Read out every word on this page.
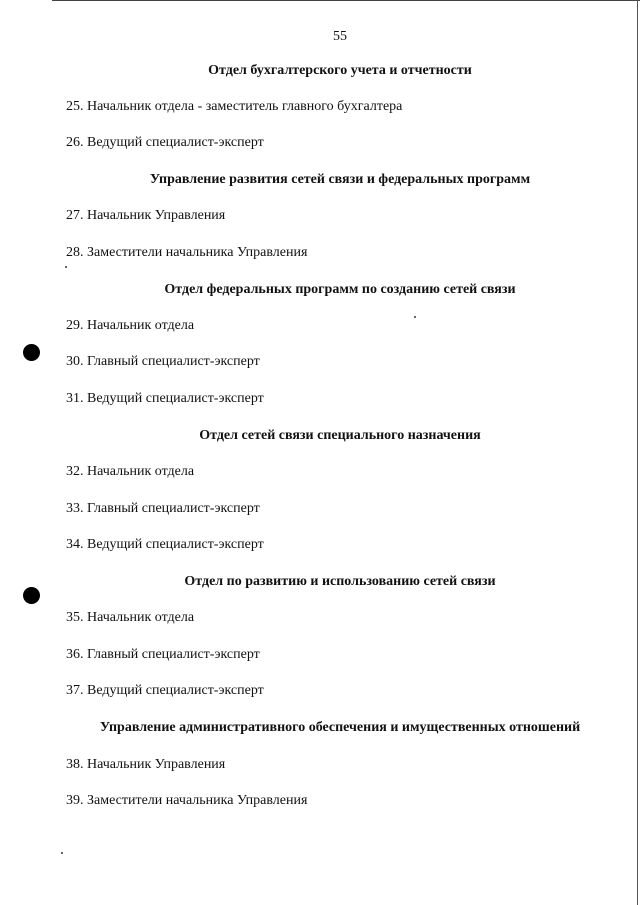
55
Отдел бухгалтерского учета и отчетности
25. Начальник отдела - заместитель главного бухгалтера
26. Ведущий специалист-эксперт
Управление развития сетей связи и федеральных программ
27. Начальник Управления
28. Заместители начальника Управления
Отдел федеральных программ по созданию сетей связи
29. Начальник отдела
30. Главный специалист-эксперт
31. Ведущий специалист-эксперт
Отдел сетей связи специального назначения
32. Начальник отдела
33. Главный специалист-эксперт
34. Ведущий специалист-эксперт
Отдел по развитию и использованию сетей связи
35. Начальник отдела
36. Главный специалист-эксперт
37. Ведущий специалист-эксперт
Управление административного обеспечения и имущественных отношений
38. Начальник Управления
39. Заместители начальника Управления
